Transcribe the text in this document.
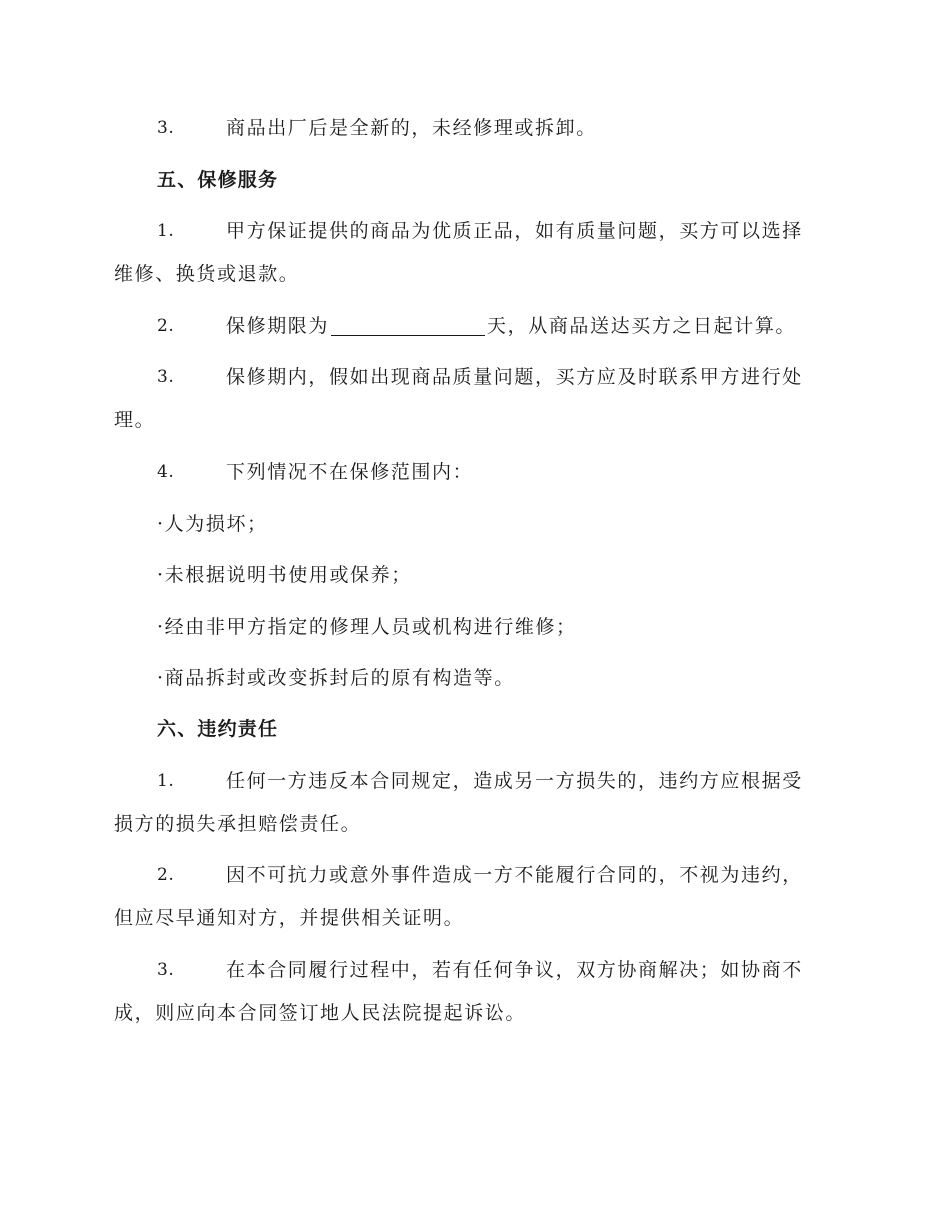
3.	商品出厂后是全新的，未经修理或拆卸。
五、保修服务
1.	甲方保证提供的商品为优质正品，如有质量问题，买方可以选择
维修、换货或退款。
2.	保修期限为	天，从商品送达买方之日起计算。
3.	保修期内，假如出现商品质量问题，买方应及时联系甲方进行处
理。
4.	下列情况不在保修范围内：
·人为损坏；
·未根据说明书使用或保养；
·经由非甲方指定的修理人员或机构进行维修；
·商品拆封或改变拆封后的原有构造等。
六、违约责任
1.	任何一方违反本合同规定，造成另一方损失的，违约方应根据受
损方的损失承担赔偿责任。
2.	因不可抗力或意外事件造成一方不能履行合同的，不视为违约，
但应尽早通知对方，并提供相关证明。
3.	在本合同履行过程中，若有任何争议，双方协商解决；如协商不
成，则应向本合同签订地人民法院提起诉讼。
